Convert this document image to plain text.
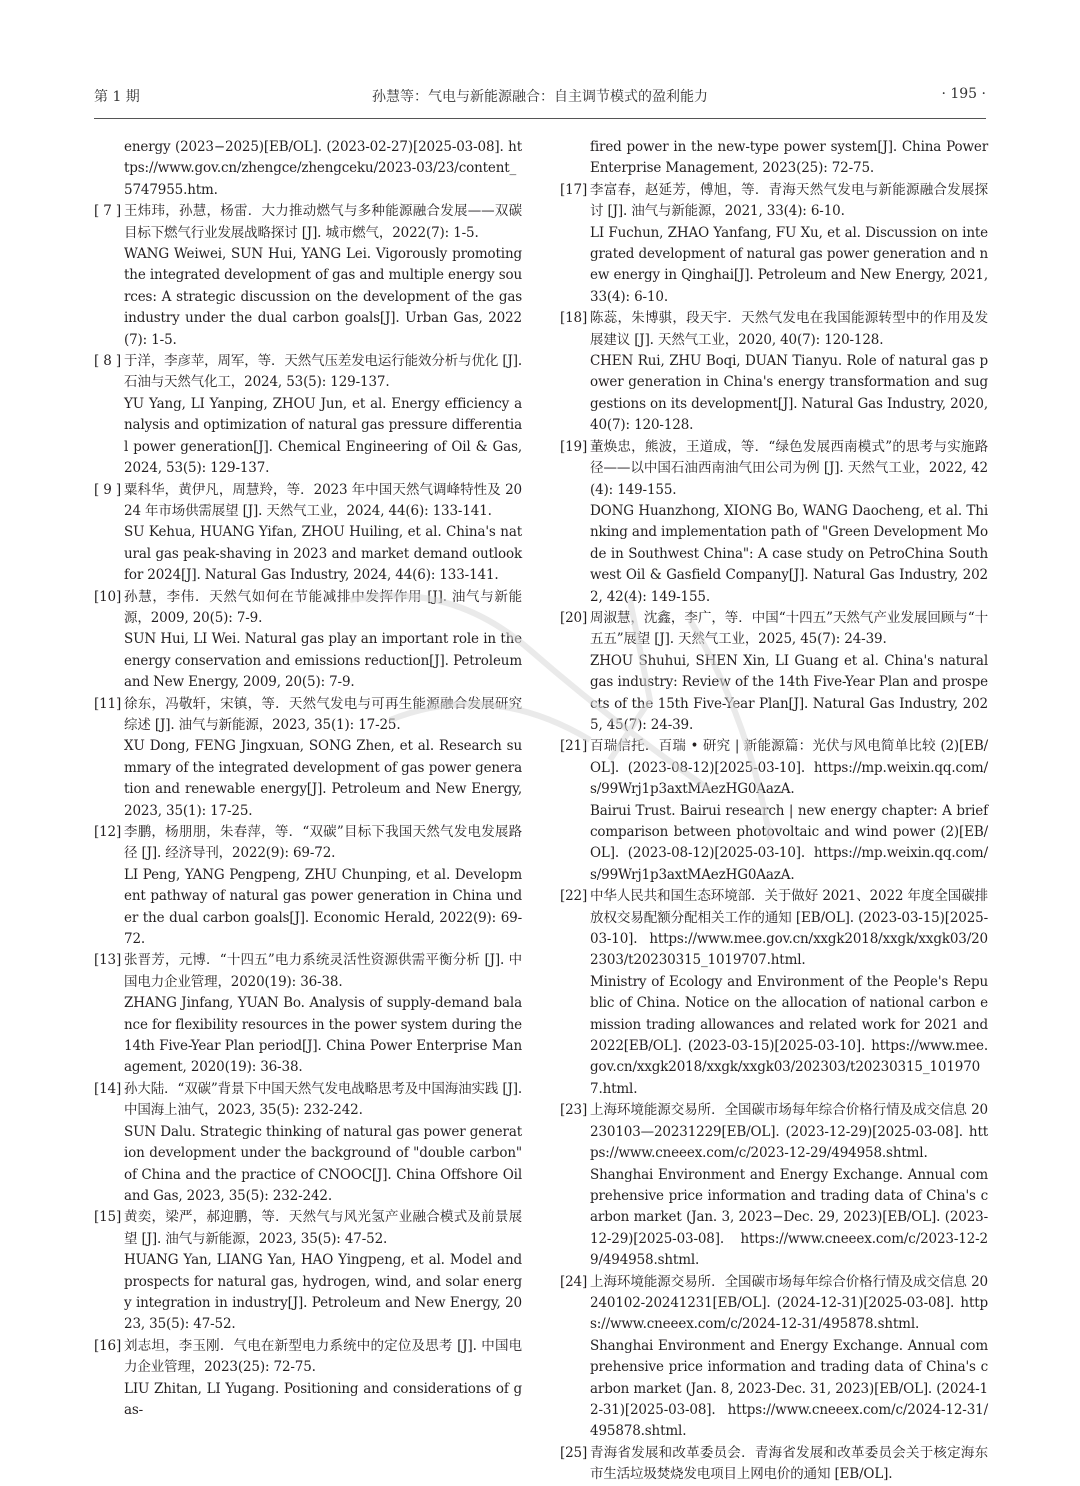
第 1 期	孙慧等：气电与新能源融合：自主调节模式的盈利能力	· 195 ·
energy (2023−2025)[EB/OL]. (2023-02-27)[2025-03-08]. https://www.gov.cn/zhengce/zhengceku/2023-03/23/content_5747955.htm.
[ 7 ] 王炜玮，孙慧，杨雷．大力推动燃气与多种能源融合发展——双碳目标下燃气行业发展战略探讨 [J]. 城市燃气，2022(7): 1-5.
WANG Weiwei, SUN Hui, YANG Lei. Vigorously promoting the integrated development of gas and multiple energy sources: A strategic discussion on the development of the gas industry under the dual carbon goals[J]. Urban Gas, 2022(7): 1-5.
[ 8 ] 于洋，李彦苹，周军，等．天然气压差发电运行能效分析与优化 [J]. 石油与天然气化工，2024, 53(5): 129-137.
YU Yang, LI Yanping, ZHOU Jun, et al. Energy efficiency analysis and optimization of natural gas pressure differential power generation[J]. Chemical Engineering of Oil & Gas, 2024, 53(5): 129-137.
[ 9 ] 粟科华，黄伊凡，周慧羚，等．2023 年中国天然气调峰特性及 2024 年市场供需展望 [J]. 天然气工业，2024, 44(6): 133-141.
SU Kehua, HUANG Yifan, ZHOU Huiling, et al. China's natural gas peak-shaving in 2023 and market demand outlook for 2024[J]. Natural Gas Industry, 2024, 44(6): 133-141.
[10] 孙慧，李伟．天然气如何在节能减排中发挥作用 [J]. 油气与新能源，2009, 20(5): 7-9.
SUN Hui, LI Wei. Natural gas play an important role in the energy conservation and emissions reduction[J]. Petroleum and New Energy, 2009, 20(5): 7-9.
[11] 徐东，冯敬轩，宋镇，等．天然气发电与可再生能源融合发展研究综述 [J]. 油气与新能源，2023, 35(1): 17-25.
XU Dong, FENG Jingxuan, SONG Zhen, et al. Research summary of the integrated development of gas power generation and renewable energy[J]. Petroleum and New Energy, 2023, 35(1): 17-25.
[12] 李鹏，杨朋朋，朱春萍，等．“双碳”目标下我国天然气发电发展路径 [J]. 经济导刊，2022(9): 69-72.
LI Peng, YANG Pengpeng, ZHU Chunping, et al. Development pathway of natural gas power generation in China under the dual carbon goals[J]. Economic Herald, 2022(9): 69-72.
[13] 张晋芳，元博．“十四五”电力系统灵活性资源供需平衡分析 [J]. 中国电力企业管理，2020(19): 36-38.
ZHANG Jinfang, YUAN Bo. Analysis of supply-demand balance for flexibility resources in the power system during the 14th Five-Year Plan period[J]. China Power Enterprise Management, 2020(19): 36-38.
[14] 孙大陆．“双碳”背景下中国天然气发电战略思考及中国海油实践 [J]. 中国海上油气，2023, 35(5): 232-242.
SUN Dalu. Strategic thinking of natural gas power generation development under the background of "double carbon" of China and the practice of CNOOC[J]. China Offshore Oil and Gas, 2023, 35(5): 232-242.
[15] 黄奕，梁严，郝迎鹏，等．天然气与风光氢产业融合模式及前景展望 [J]. 油气与新能源，2023, 35(5): 47-52.
HUANG Yan, LIANG Yan, HAO Yingpeng, et al. Model and prospects for natural gas, hydrogen, wind, and solar energy integration in industry[J]. Petroleum and New Energy, 2023, 35(5): 47-52.
[16] 刘志坦，李玉刚．气电在新型电力系统中的定位及思考 [J]. 中国电力企业管理，2023(25): 72-75.
LIU Zhitan, LI Yugang. Positioning and considerations of gas-
fired power in the new-type power system[J]. China Power Enterprise Management, 2023(25): 72-75.
[17] 李富春，赵延芳，傅旭，等．青海天然气发电与新能源融合发展探讨 [J]. 油气与新能源，2021, 33(4): 6-10.
LI Fuchun, ZHAO Yanfang, FU Xu, et al. Discussion on integrated development of natural gas power generation and new energy in Qinghai[J]. Petroleum and New Energy, 2021, 33(4): 6-10.
[18] 陈蕊，朱博骐，段天宇．天然气发电在我国能源转型中的作用及发展建议 [J]. 天然气工业，2020, 40(7): 120-128.
CHEN Rui, ZHU Boqi, DUAN Tianyu. Role of natural gas power generation in China's energy transformation and suggestions on its development[J]. Natural Gas Industry, 2020, 40(7): 120-128.
[19] 董焕忠，熊波，王道成，等．“绿色发展西南模式”的思考与实施路径——以中国石油西南油气田公司为例 [J]. 天然气工业，2022, 42(4): 149-155.
DONG Huanzhong, XIONG Bo, WANG Daocheng, et al. Thinking and implementation path of "Green Development Mode in Southwest China": A case study on PetroChina Southwest Oil & Gasfield Company[J]. Natural Gas Industry, 2022, 42(4): 149-155.
[20] 周淑慧，沈鑫，李广，等．中国“十四五”天然气产业发展回顾与“十五五”展望 [J]. 天然气工业，2025, 45(7): 24-39.
ZHOU Shuhui, SHEN Xin, LI Guang et al. China's natural gas industry: Review of the 14th Five-Year Plan and prospects of the 15th Five-Year Plan[J]. Natural Gas Industry, 2025, 45(7): 24-39.
[21] 百瑞信托．百瑞 • 研究 | 新能源篇：光伏与风电简单比较 (2)[EB/OL]. (2023-08-12)[2025-03-10]. https://mp.weixin.qq.com/s/99Wrj1p3axtMAezHG0AazA.
Bairui Trust. Bairui research | new energy chapter: A brief comparison between photovoltaic and wind power (2)[EB/OL]. (2023-08-12)[2025-03-10]. https://mp.weixin.qq.com/s/99Wrj1p3axtMAezHG0AazA.
[22] 中华人民共和国生态环境部．关于做好 2021、2022 年度全国碳排放权交易配额分配相关工作的通知 [EB/OL]. (2023-03-15)[2025-03-10]. https://www.mee.gov.cn/xxgk2018/xxgk/xxgk03/202303/t20230315_1019707.html.
Ministry of Ecology and Environment of the People's Republic of China. Notice on the allocation of national carbon emission trading allowances and related work for 2021 and 2022[EB/OL]. (2023-03-15)[2025-03-10]. https://www.mee.gov.cn/xxgk2018/xxgk/xxgk03/202303/t20230315_1019707.html.
[23] 上海环境能源交易所．全国碳市场每年综合价格行情及成交信息 20230103—20231229[EB/OL]. (2023-12-29)[2025-03-08]. https://www.cneeex.com/c/2023-12-29/494958.shtml.
Shanghai Environment and Energy Exchange. Annual comprehensive price information and trading data of China's carbon market (Jan. 3, 2023−Dec. 29, 2023)[EB/OL]. (2023-12-29)[2025-03-08]. https://www.cneeex.com/c/2023-12-29/494958.shtml.
[24] 上海环境能源交易所．全国碳市场每年综合价格行情及成交信息 20240102-20241231[EB/OL]. (2024-12-31)[2025-03-08]. https://www.cneeex.com/c/2024-12-31/495878.shtml.
Shanghai Environment and Energy Exchange. Annual comprehensive price information and trading data of China's carbon market (Jan. 8, 2023-Dec. 31, 2023)[EB/OL]. (2024-12-31)[2025-03-08]. https://www.cneeex.com/c/2024-12-31/495878.shtml.
[25] 青海省发展和改革委员会．青海省发展和改革委员会关于核定海东市生活垃圾焚烧发电项目上网电价的通知 [EB/OL].
